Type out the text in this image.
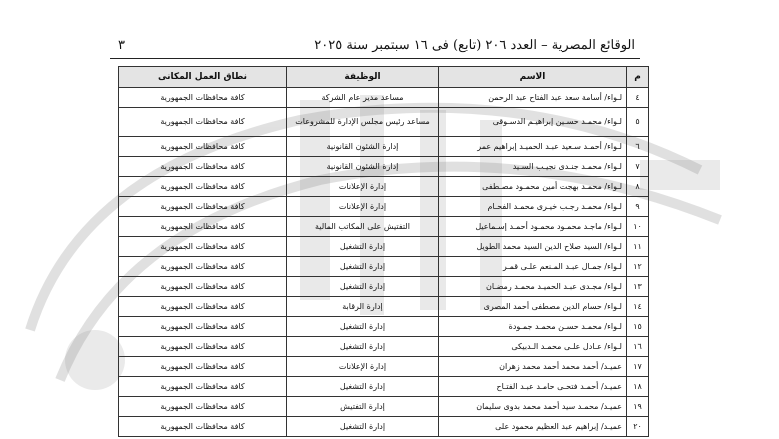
الوقائع المصرية – العدد ٢٠٦ (تابع) فى ١٦ سبتمبر سنة ٢٠٢٥
٣
م	الاسم	الوظيفة	نطاق العمل المكانى
٤	لـواء/ أسامة سعد عبد الفتاح عبد الرحمن	مساعد مدير عام الشركة	كافة محافظات الجمهورية
٥	لـواء/ محمـد حسـين إبراهيـم الدسـوقى	مساعد رئيس مجلس الإدارة للمشروعات	كافة محافظات الجمهورية
٦	لـواء/ أحمـد سـعيد عبـد الحميـد إبراهيم عمر	إدارة الشئون القانونية	كافة محافظات الجمهورية
٧	لـواء/ محمـد جنـدى نجيـب السـيد	إدارة الشئون القانونية	كافة محافظات الجمهورية
٨	لـواء/ محمـد بهجت أمين محمـود مصـطفى	إدارة الإعلانات	كافة محافظات الجمهورية
٩	لـواء/ محمـد رجـب خيـرى محمـد الفحـام	إدارة الإعلانات	كافة محافظات الجمهورية
١٠	لـواء/ ماجـد محمـود محمـود أحمـد إسـماعيل	التفتيش على المكاتب المالية	كافة محافظات الجمهورية
١١	لـواء/ السيد صلاح الدين السيد محمد الطويل	إدارة التشغيل	كافة محافظات الجمهورية
١٢	لـواء/ جمـال عبـد المـنعم علـى قمـر	إدارة التشغيل	كافة محافظات الجمهورية
١٣	لـواء/ مجـدى عبـد الحميـد محمـد رمضـان	إدارة التشغيل	كافة محافظات الجمهورية
١٤	لـواء/ حسام الدين مصطفى أحمد المصرى	إدارة الرقابة	كافة محافظات الجمهورية
١٥	لـواء/ محمـد حسـن محمـد جمـودة	إدارة التشغيل	كافة محافظات الجمهورية
١٦	لـواء/ عـادل علـى محمـد الـدبيكى	إدارة التشغيل	كافة محافظات الجمهورية
١٧	عميـد/ أحمد محمد أحمد محمد زهران	إدارة الإعلانات	كافة محافظات الجمهورية
١٨	عميـد/ أحمـد فتحـى حامـد عبـد الفتـاح	إدارة التشغيل	كافة محافظات الجمهورية
١٩	عميـد/ محمـد سيد أحمد محمد بدوى سليمان	إدارة التفتيش	كافة محافظات الجمهورية
٢٠	عميـد/ إبراهيم عبد العظيم محمود على	إدارة التشغيل	كافة محافظات الجمهورية
